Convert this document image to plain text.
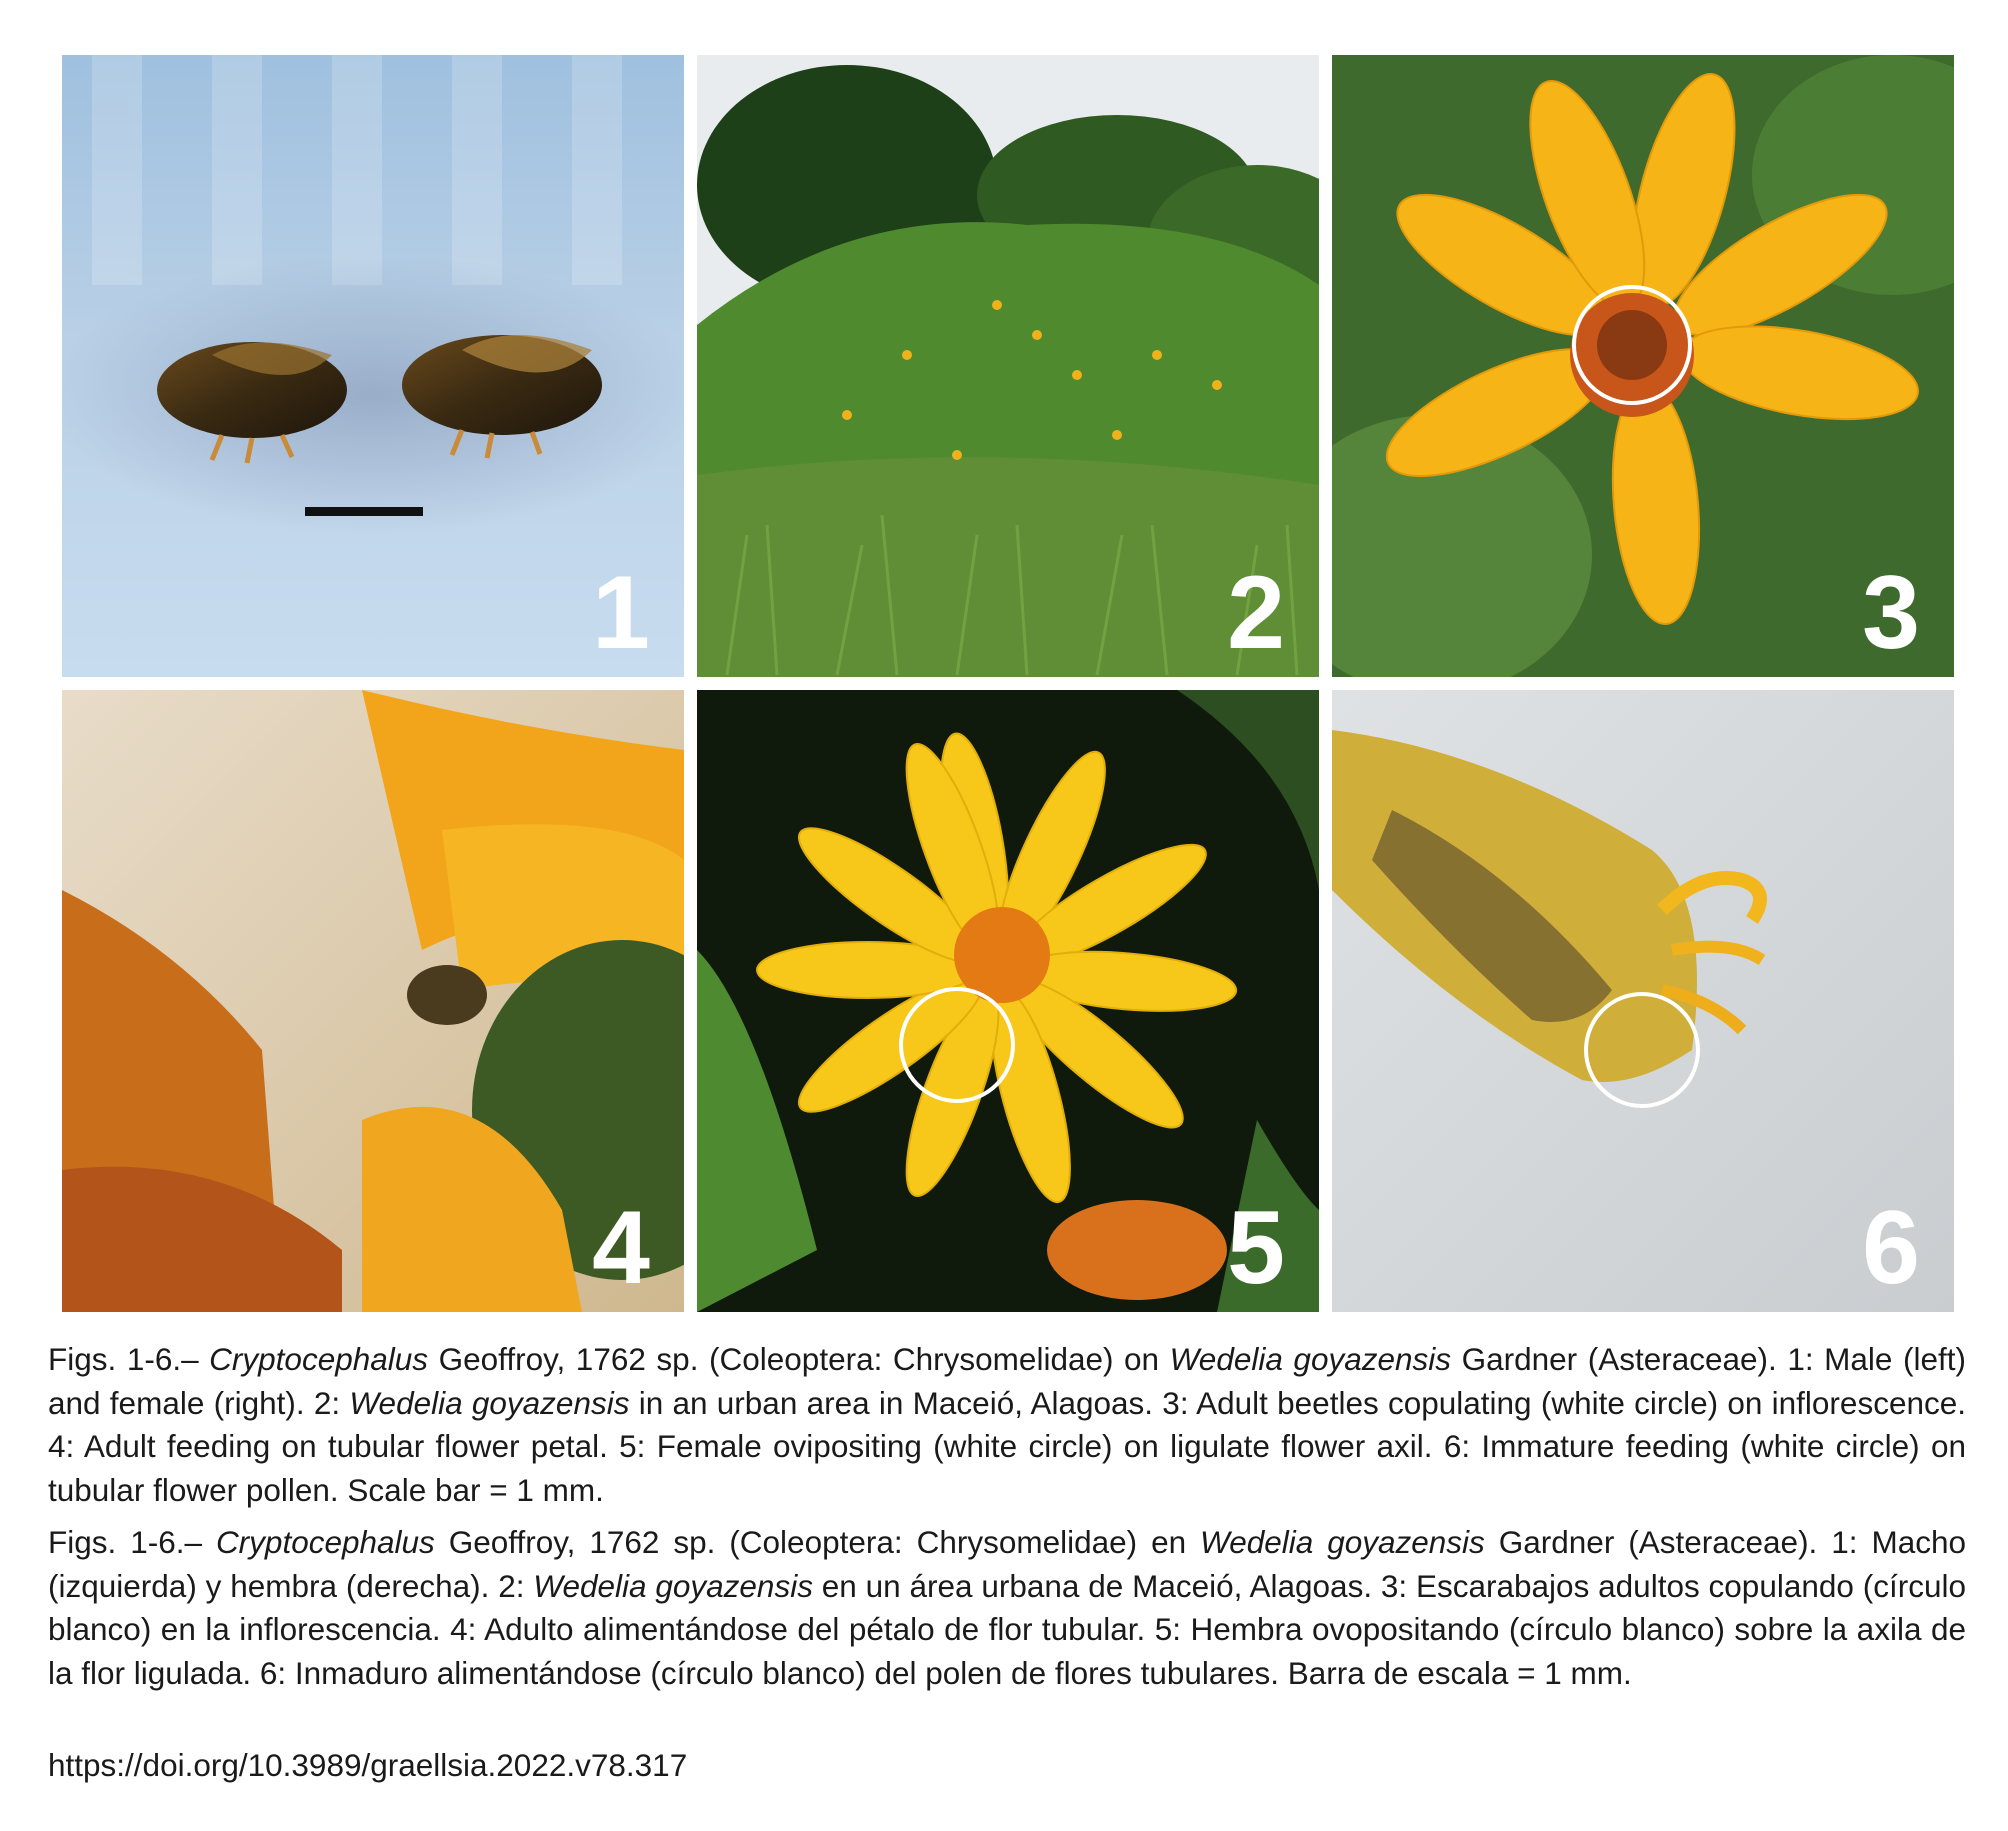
1	2	3
4	5	6

Figs. 1-6.– Cryptocephalus Geoffroy, 1762 sp. (Coleoptera: Chrysomelidae) on Wedelia goyazensis Gardner (Asteraceae). 1: Male (left) and female (right). 2: Wedelia goyazensis in an urban area in Maceió, Alagoas. 3: Adult beetles copulating (white circle) on inflorescence. 4: Adult feeding on tubular flower petal. 5: Female ovipositing (white circle) on ligulate flower axil. 6: Immature feeding (white circle) on tubular flower pollen. Scale bar = 1 mm.

Figs. 1-6.– Cryptocephalus Geoffroy, 1762 sp. (Coleoptera: Chrysomelidae) en Wedelia goyazensis Gardner (Asteraceae). 1: Macho (izquierda) y hembra (derecha). 2: Wedelia goyazensis en un área urbana de Maceió, Alagoas. 3: Escarabajos adultos copulando (círculo blanco) en la inflorescencia. 4: Adulto alimentándose del pétalo de flor tubular. 5: Hembra ovopositando (círculo blanco) sobre la axila de la flor ligulada. 6: Inmaduro alimentándose (círculo blanco) del polen de flores tubulares. Barra de escala = 1 mm.

https://doi.org/10.3989/graellsia.2022.v78.317
